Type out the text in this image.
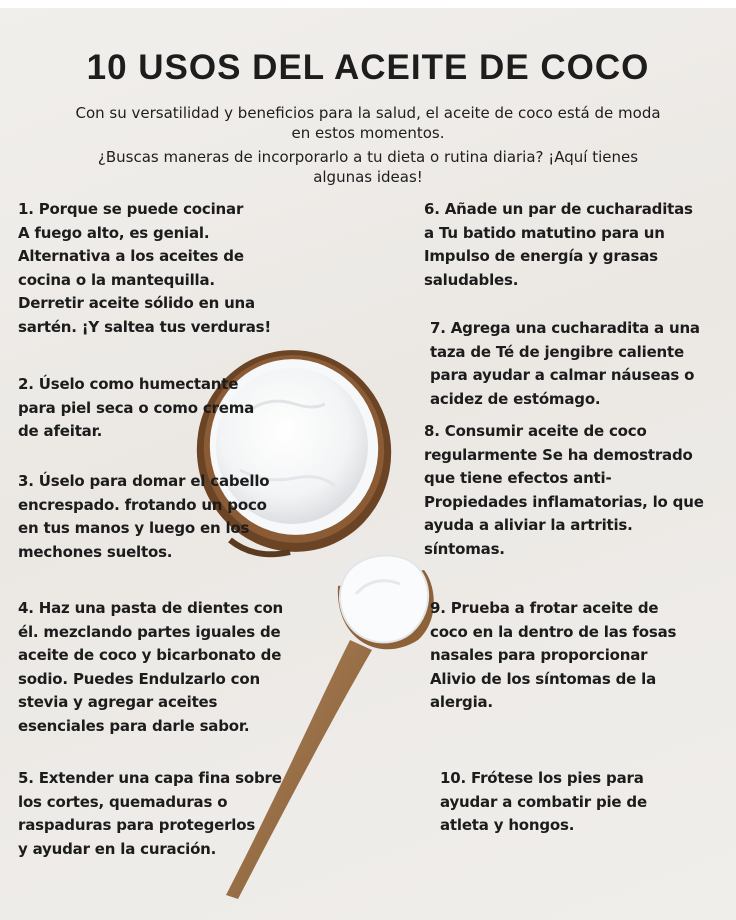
10 USOS DEL ACEITE DE COCO
Con su versatilidad y beneficios para la salud, el aceite de coco está de moda
en estos momentos.
¿Buscas maneras de incorporarlo a tu dieta o rutina diaria? ¡Aquí tienes
algunas ideas!
1. Porque se puede cocinar
A fuego alto, es genial.
Alternativa a los aceites de
cocina o la mantequilla.
Derretir aceite sólido en una
sartén. ¡Y saltea tus verduras!
2. Úselo como humectante
para piel seca o como crema
de afeitar.
3. Úselo para domar el cabello
encrespado. frotando un poco
en tus manos y luego en los
mechones sueltos.
4. Haz una pasta de dientes con
él. mezclando partes iguales de
aceite de coco y bicarbonato de
sodio. Puedes Endulzarlo con
stevia y agregar aceites
esenciales para darle sabor.
5. Extender una capa fina sobre
los cortes, quemaduras o
raspaduras para protegerlos
y ayudar en la curación.
6. Añade un par de cucharaditas
a Tu batido matutino para un
Impulso de energía y grasas
saludables.
7. Agrega una cucharadita a una
taza de Té de jengibre caliente
para ayudar a calmar náuseas o
acidez de estómago.
8. Consumir aceite de coco
regularmente Se ha demostrado
que tiene efectos anti-
Propiedades inflamatorias, lo que
ayuda a aliviar la artritis.
síntomas.
9. Prueba a frotar aceite de
coco en la dentro de las fosas
nasales para proporcionar
Alivio de los síntomas de la
alergia.
10. Frótese los pies para
ayudar a combatir pie de
atleta y hongos.
